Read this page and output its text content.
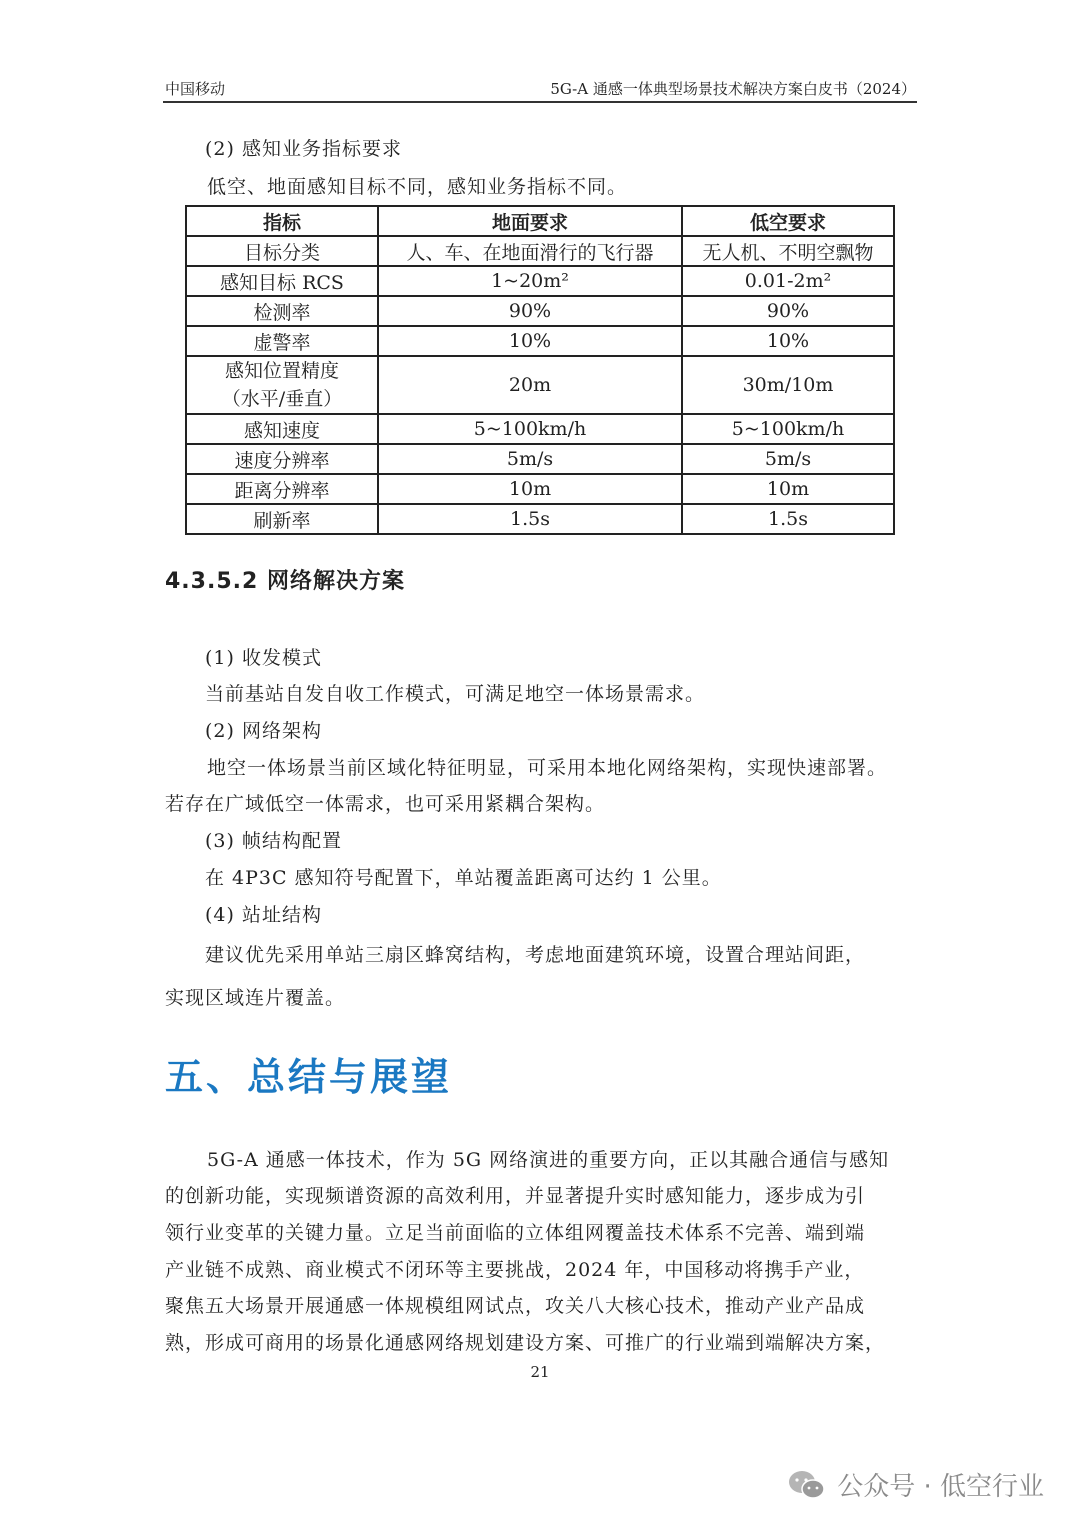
中国移动	5G-A 通感一体典型场景技术解决方案白皮书（2024）
(2) 感知业务指标要求
低空、地面感知目标不同，感知业务指标不同。
指标	地面要求	低空要求
目标分类	人、车、在地面滑行的飞行器	无人机、不明空飘物
感知目标 RCS	1~20m²	0.01-2m²
检测率	90%	90%
虚警率	10%	10%

感知位置精度
（水平/垂直）	20m	30m/10m
感知速度	5~100km/h	5~100km/h
速度分辨率	5m/s	5m/s
距离分辨率	10m	10m
刷新率	1.5s	1.5s
4.3.5.2 网络解决方案
(1) 收发模式
当前基站自发自收工作模式，可满足地空一体场景需求。
(2) 网络架构
地空一体场景当前区域化特征明显，可采用本地化网络架构，实现快速部署。
若存在广域低空一体需求，也可采用紧耦合架构。
(3) 帧结构配置
在 4P3C 感知符号配置下，单站覆盖距离可达约 1 公里。
(4) 站址结构
建议优先采用单站三扇区蜂窝结构，考虑地面建筑环境，设置合理站间距，
实现区域连片覆盖。
五、总结与展望
5G-A 通感一体技术，作为 5G 网络演进的重要方向，正以其融合通信与感知
的创新功能，实现频谱资源的高效利用，并显著提升实时感知能力，逐步成为引
领行业变革的关键力量。立足当前面临的立体组网覆盖技术体系不完善、端到端
产业链不成熟、商业模式不闭环等主要挑战，2024 年，中国移动将携手产业，
聚焦五大场景开展通感一体规模组网试点，攻关八大核心技术，推动产业产品成
熟，形成可商用的场景化通感网络规划建设方案、可推广的行业端到端解决方案，
21
公众号 · 低空行业
